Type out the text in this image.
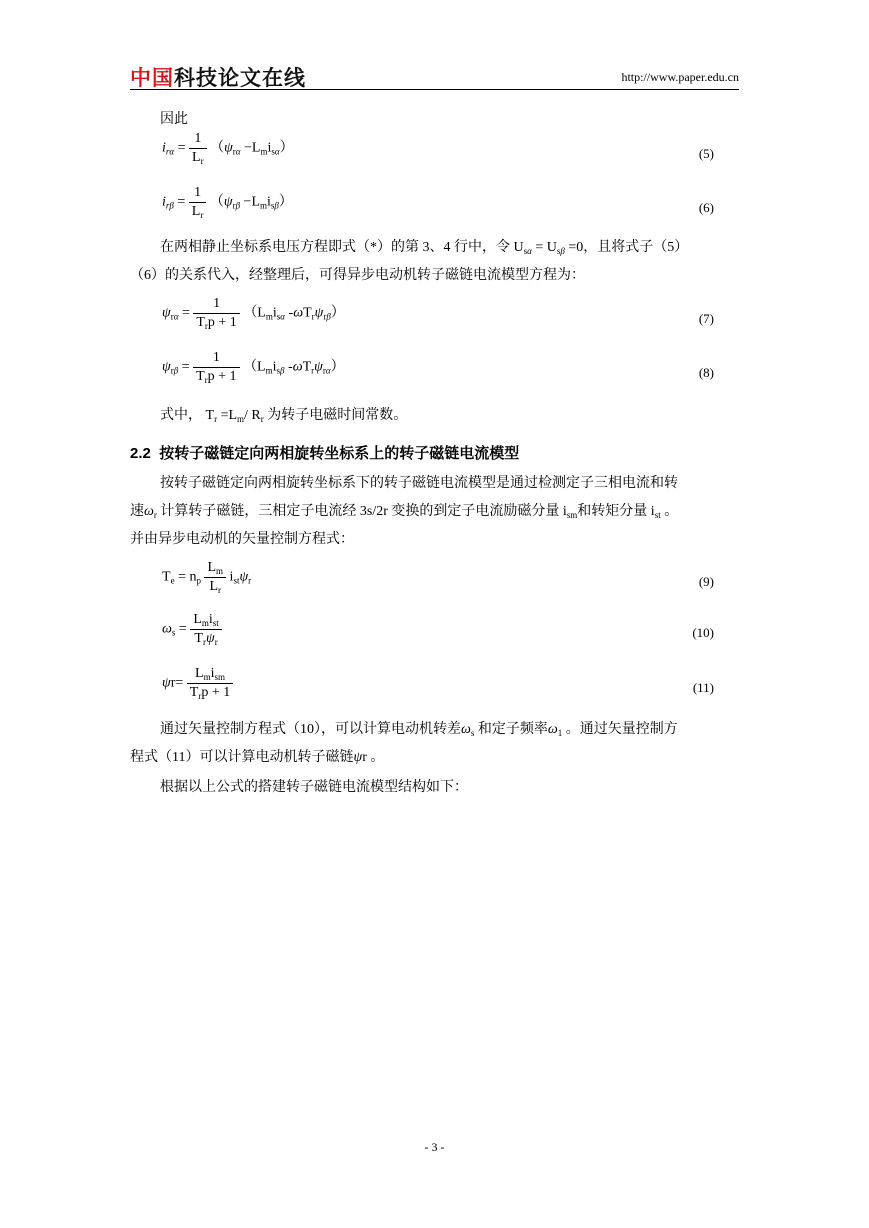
中国科技论文在线	http://www.paper.edu.cn
因此
$i_{r\alpha} = \frac{1}{L_r} (\psi_{r\alpha} -L_mi_{s\alpha})$	(5)
$i_{r\beta} = \frac{1}{L_r} (\psi_{r\beta} -L_mi_{s\beta})$	(6)
在两相静止坐标系电压方程即式（*）的第 3、4 行中，令 $U_{s\alpha} = U_{s\beta} =0$，且将式子（5）
（6）的关系代入，经整理后，可得异步电动机转子磁链电流模型方程为：
$\psi_{r\alpha} = \frac{1}{T_rp + 1} (L_mi_{s\alpha}$ $-\omega T_r\psi_{r\beta}$）	(7)
$\psi_{r\beta} = \frac{1}{T_rp + 1} (L_mi_{s\beta}$ $-\omega T_r\psi_{r\alpha}$）	(8)
式中， $T_r =L_m/$ $R_r$ 为转子电磁时间常数。
2.2 按转子磁链定向两相旋转坐标系上的转子磁链电流模型
按转子磁链定向两相旋转坐标系下的转子磁链电流模型是通过检测定子三相电流和转
速$\omega_r$ 计算转子磁链，三相定子电流经 3s/2r 变换的到定子电流励磁分量 $i_{sm}$和转矩分量 $i_{st}$ 。
并由异步电动机的矢量控制方程式：
$T_e = n_p \frac{L_m}{L_r} i_{st}\psi_r$	(9)
$\omega_s = \frac{L_mi_{st}}{T_r\psi_r}$	(10)
$\psi r= \frac{L_mi_{sm}}{T_rp + 1}$	(11)
通过矢量控制方程式（10），可以计算电动机转差$\omega_s$ 和定子频率$\omega_1$ 。通过矢量控制方
程式（11）可以计算电动机转子磁链ψr 。
根据以上公式的搭建转子磁链电流模型结构如下：
- 3 -
